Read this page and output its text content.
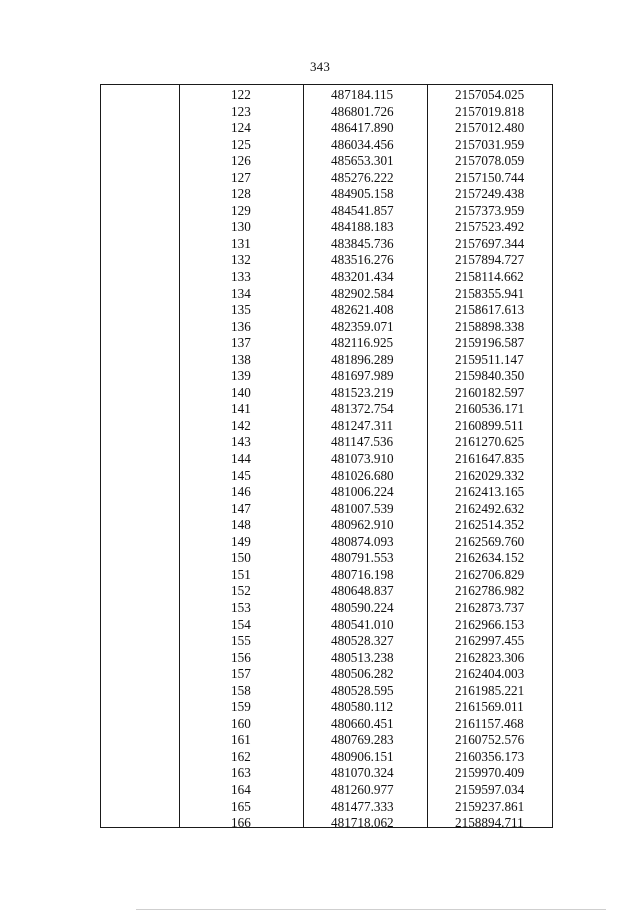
343
122	487184.115	2157054.025
123	486801.726	2157019.818
124	486417.890	2157012.480
125	486034.456	2157031.959
126	485653.301	2157078.059
127	485276.222	2157150.744
128	484905.158	2157249.438
129	484541.857	2157373.959
130	484188.183	2157523.492
131	483845.736	2157697.344
132	483516.276	2157894.727
133	483201.434	2158114.662
134	482902.584	2158355.941
135	482621.408	2158617.613
136	482359.071	2158898.338
137	482116.925	2159196.587
138	481896.289	2159511.147
139	481697.989	2159840.350
140	481523.219	2160182.597
141	481372.754	2160536.171
142	481247.311	2160899.511
143	481147.536	2161270.625
144	481073.910	2161647.835
145	481026.680	2162029.332
146	481006.224	2162413.165
147	481007.539	2162492.632
148	480962.910	2162514.352
149	480874.093	2162569.760
150	480791.553	2162634.152
151	480716.198	2162706.829
152	480648.837	2162786.982
153	480590.224	2162873.737
154	480541.010	2162966.153
155	480528.327	2162997.455
156	480513.238	2162823.306
157	480506.282	2162404.003
158	480528.595	2161985.221
159	480580.112	2161569.011
160	480660.451	2161157.468
161	480769.283	2160752.576
162	480906.151	2160356.173
163	481070.324	2159970.409
164	481260.977	2159597.034
165	481477.333	2159237.861
166	481718.062	2158894.711
